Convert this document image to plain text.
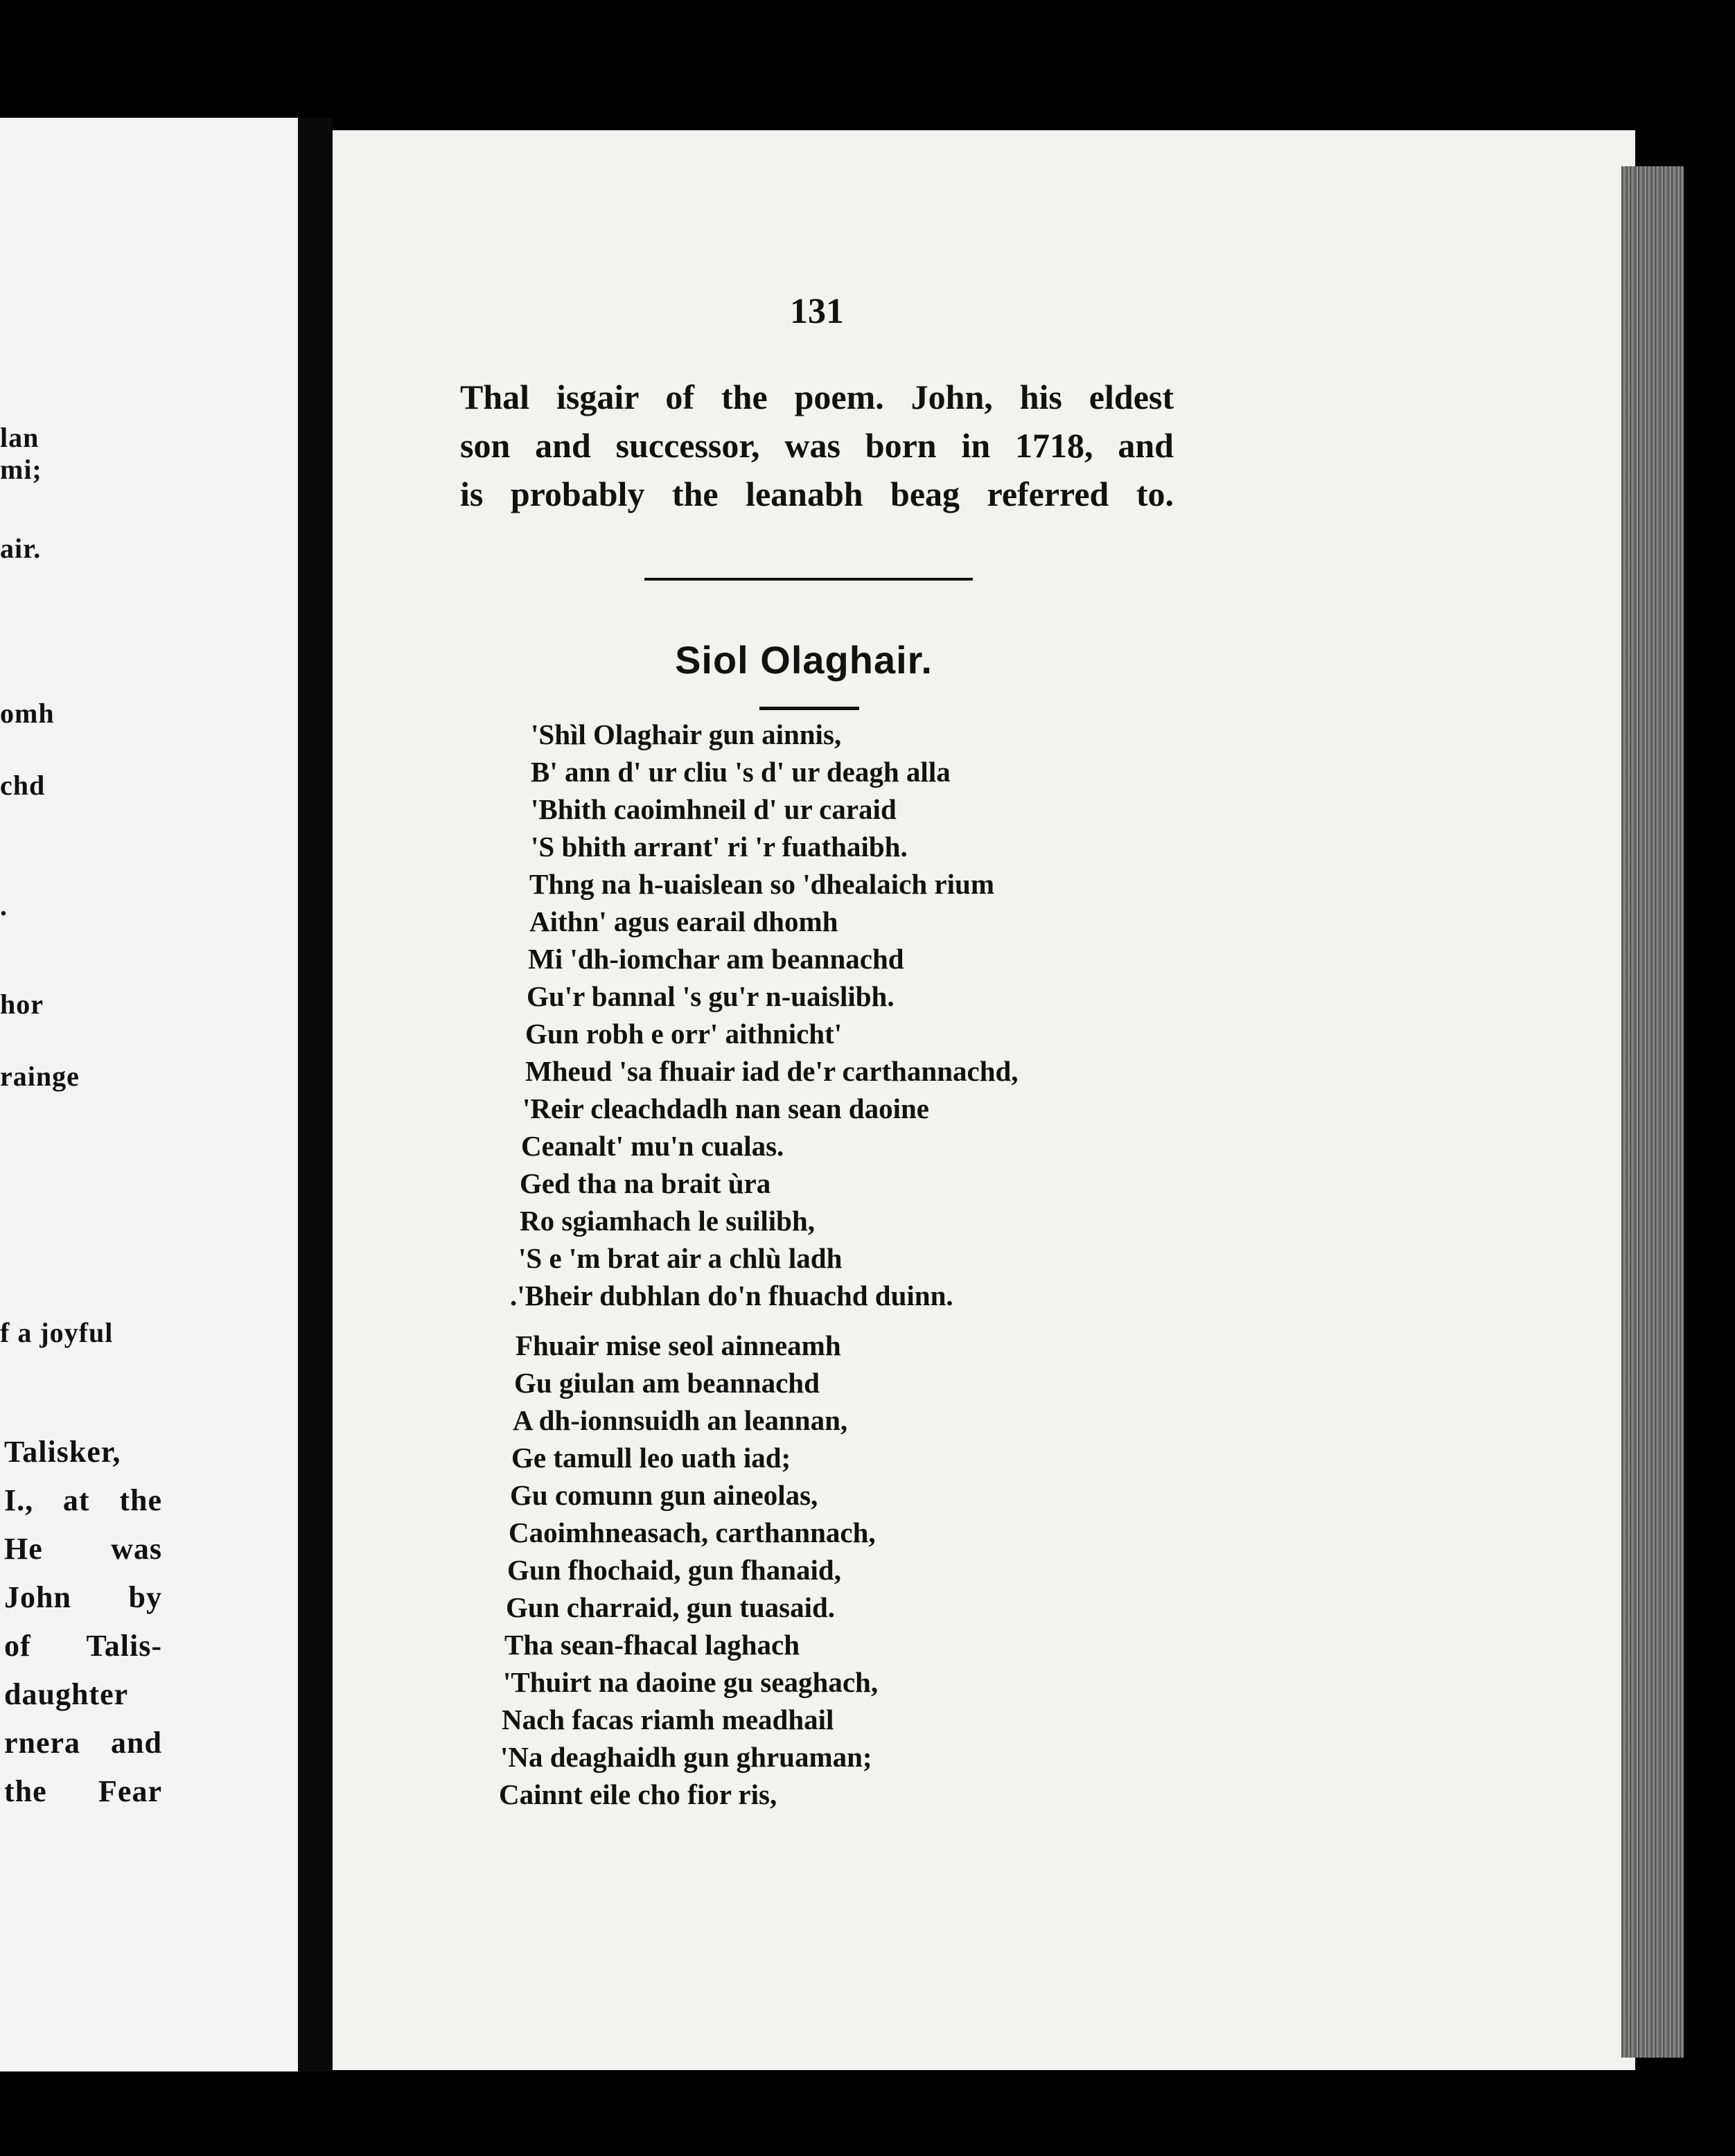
lan
mi;
air.
omh
chd
.
hor
rainge
f a joyful
Talisker,
I., at the
He was
John by
of Talis-
daughter
rnera and
the Fear
131
Thal isgair of the poem. John, his eldest
son and successor, was born in 1718, and
is probably the leanabh beag referred to.
Siol Olaghair.
'Shìl Olaghair gun ainnis,
B' ann d' ur cliu 's d' ur deagh alla
'Bhith caoimhneil d' ur caraid
'S bhith arrant' ri 'r fuathaibh.
Thng na h-uaislean so 'dhealaich rium
Aithn' agus earail dhomh
Mi 'dh-iomchar am beannachd
Gu'r bannal 's gu'r n-uaislibh.
Gun robh e orr' aithnicht'
Mheud 'sa fhuair iad de'r carthannachd,
'Reir cleachdadh nan sean daoine
Ceanalt' mu'n cualas.
Ged tha na brait ùra
Ro sgiamhach le suilibh,
'S e 'm brat air a chlù ladh
.'Bheir dubhlan do'n fhuachd duinn.
Fhuair mise seol ainneamh
Gu giulan am beannachd
A dh-ionnsuidh an leannan,
Ge tamull leo uath iad;
Gu comunn gun aineolas,
Caoimhneasach, carthannach,
Gun fhochaid, gun fhanaid,
Gun charraid, gun tuasaid.
Tha sean-fhacal laghach
'Thuirt na daoine gu seaghach,
Nach facas riamh meadhail
'Na deaghaidh gun ghruaman;
Cainnt eile cho fior ris,
